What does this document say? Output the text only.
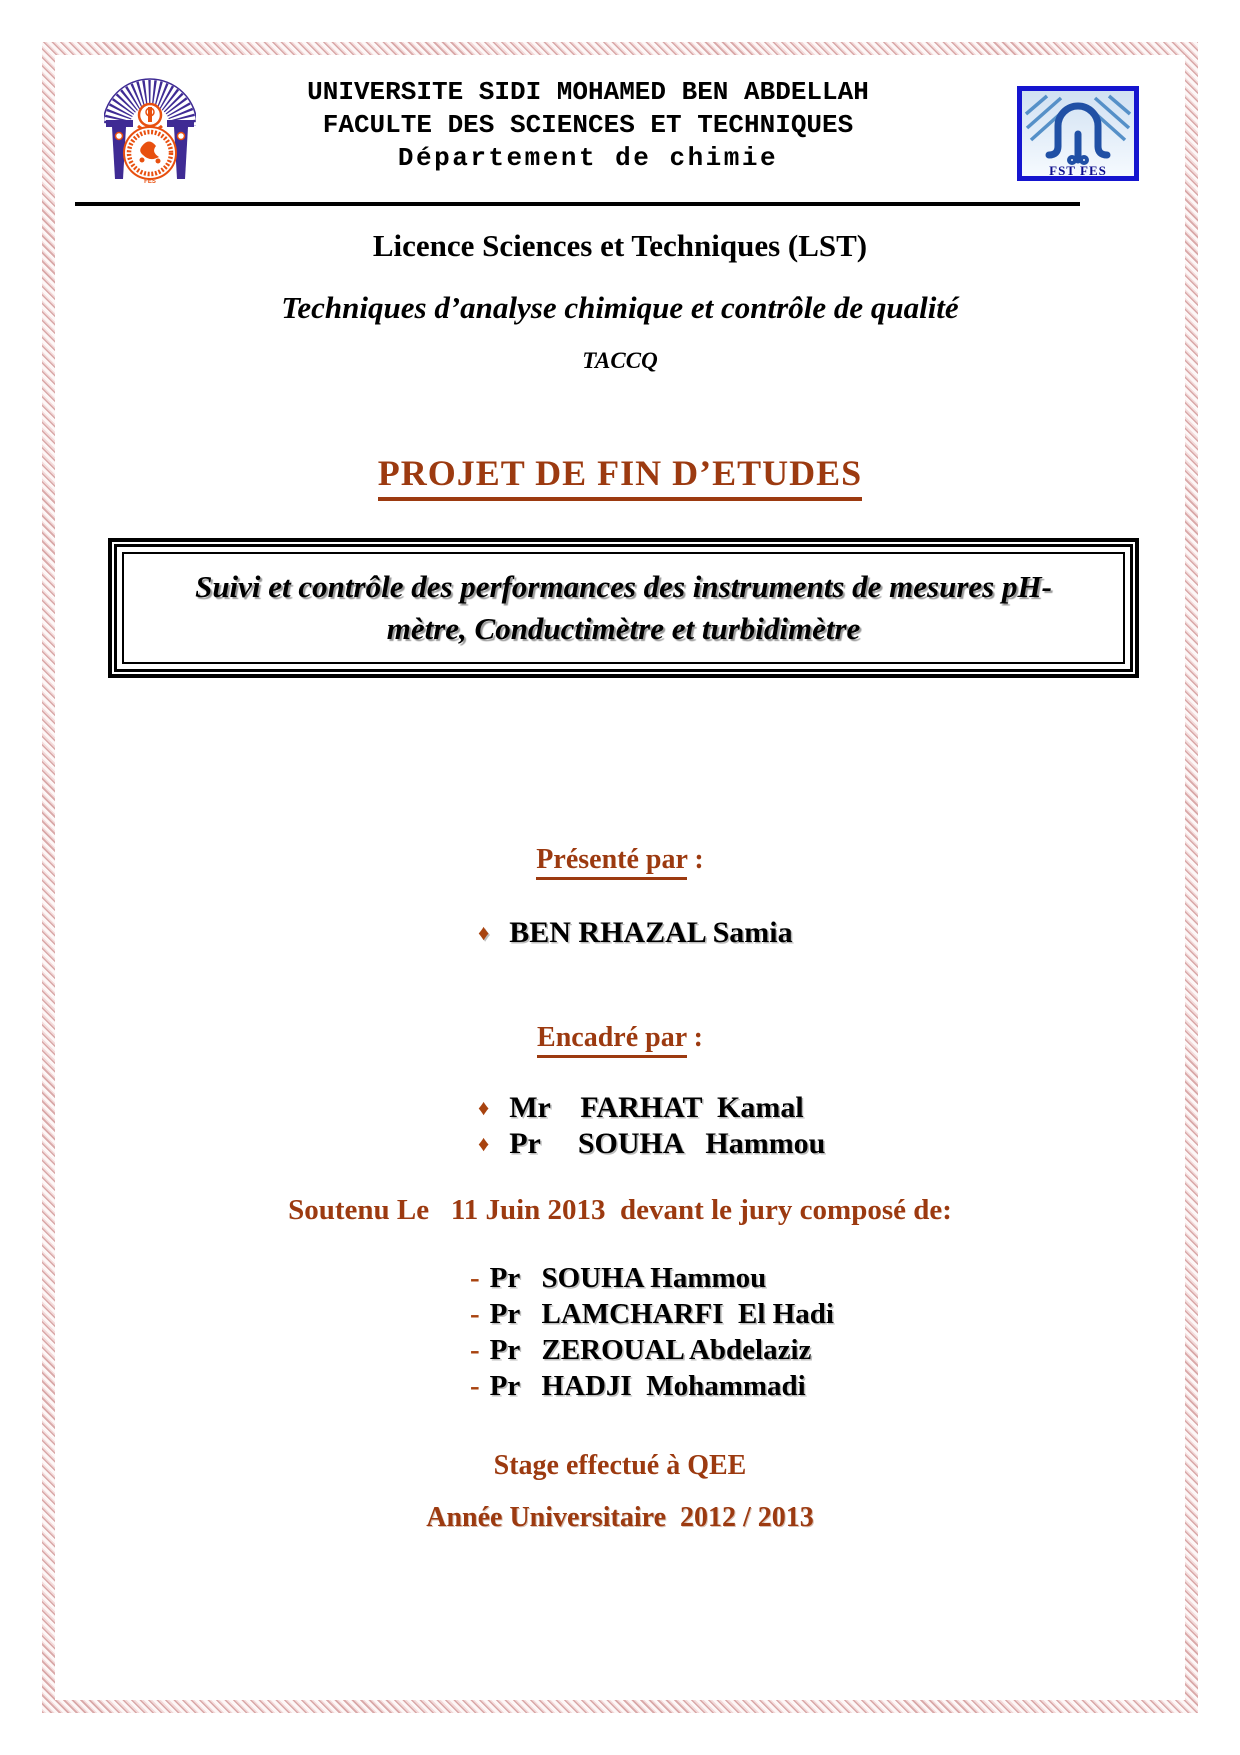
FES
UNIVERSITE SIDI MOHAMED BEN ABDELLAH
FACULTE DES SCIENCES ET TECHNIQUES
Département de chimie	FST FES
Licence Sciences et Techniques (LST)
Techniques d’analyse chimique et contrôle de qualité
TACCQ
PROJET DE FIN D’ETUDES
Suivi et contrôle des performances des instruments de mesures pH-
mètre, Conductimètre et turbidimètre
Présenté par :
♦ BEN RHAZAL Samia
Encadré par :
♦ Mr    FARHAT  Kamal
♦ Pr     SOUHA   Hammou
Soutenu Le   11 Juin 2013  devant le jury composé de:
- Pr   SOUHA Hammou
- Pr   LAMCHARFI  El Hadi
- Pr   ZEROUAL Abdelaziz
- Pr   HADJI  Mohammadi
Stage effectué à QEE
Année Universitaire  2012 / 2013
